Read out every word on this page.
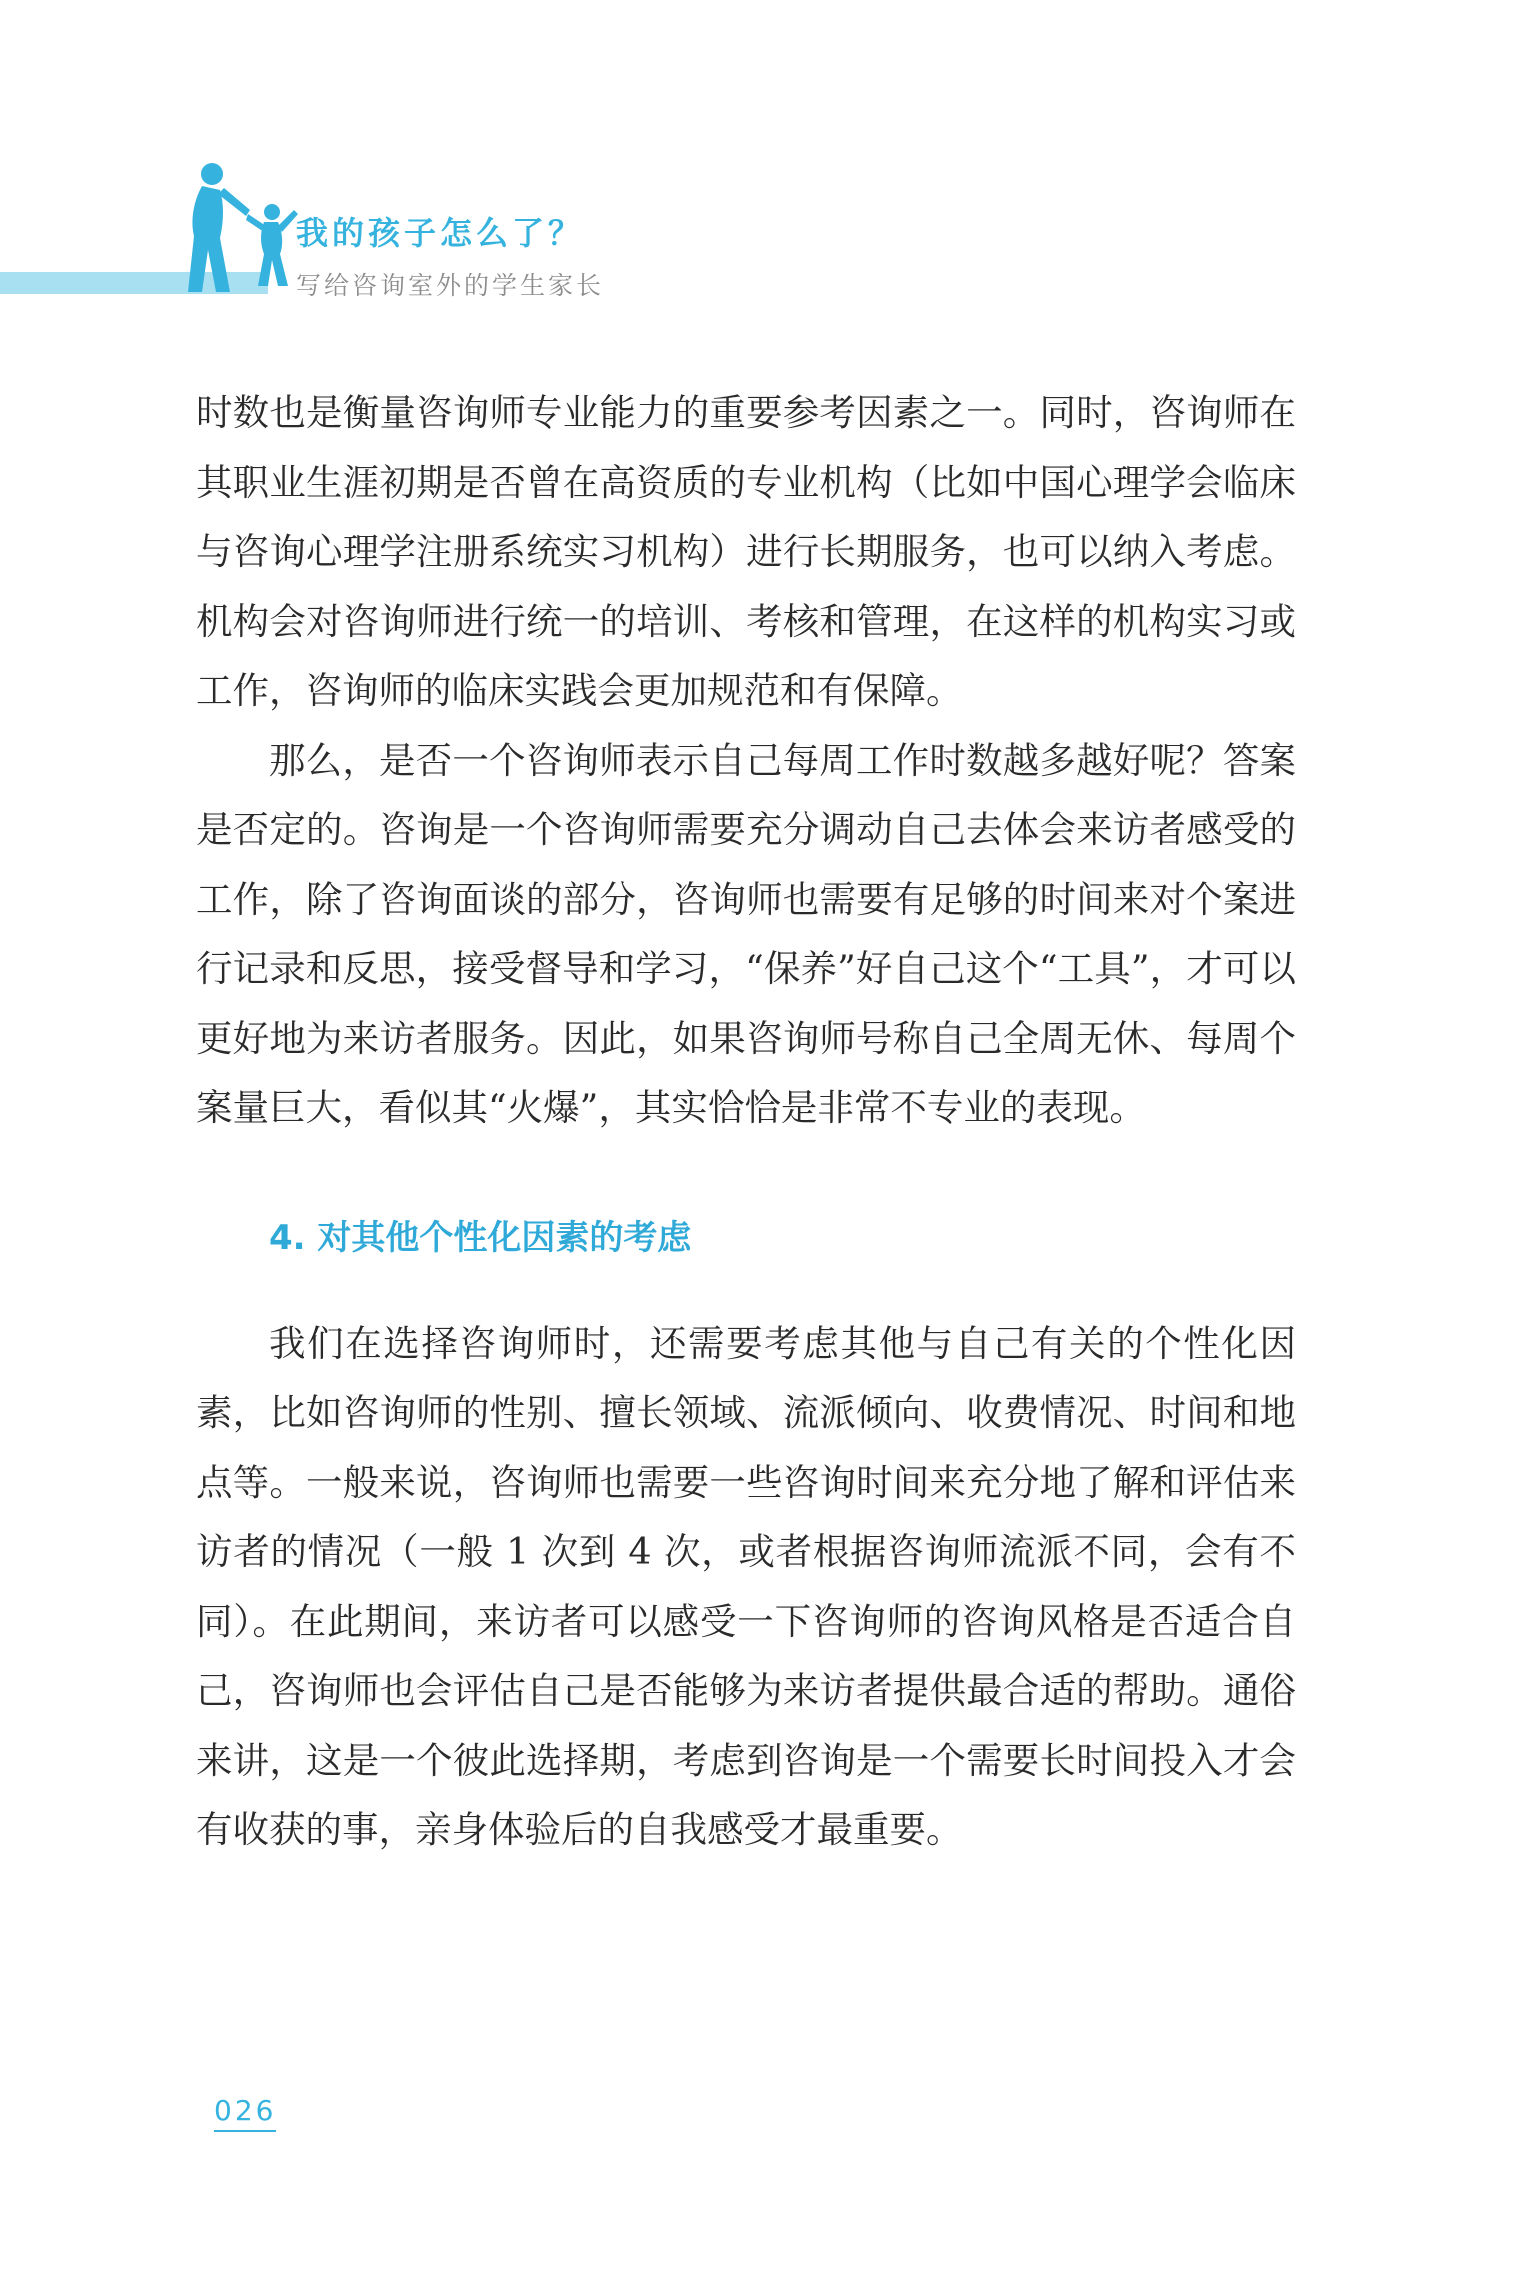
我的孩子怎么了？
写给咨询室外的学生家长

时数也是衡量咨询师专业能力的重要参考因素之一。同时，咨询师在其职业生涯初期是否曾在高资质的专业机构（比如中国心理学会临床与咨询心理学注册系统实习机构）进行长期服务，也可以纳入考虑。机构会对咨询师进行统一的培训、考核和管理，在这样的机构实习或工作，咨询师的临床实践会更加规范和有保障。

那么，是否一个咨询师表示自己每周工作时数越多越好呢？答案是否定的。咨询是一个咨询师需要充分调动自己去体会来访者感受的工作，除了咨询面谈的部分，咨询师也需要有足够的时间来对个案进行记录和反思，接受督导和学习，“保养”好自己这个“工具”，才可以更好地为来访者服务。因此，如果咨询师号称自己全周无休、每周个案量巨大，看似其“火爆”，其实恰恰是非常不专业的表现。

4. 对其他个性化因素的考虑

我们在选择咨询师时，还需要考虑其他与自己有关的个性化因素，比如咨询师的性别、擅长领域、流派倾向、收费情况、时间和地点等。一般来说，咨询师也需要一些咨询时间来充分地了解和评估来访者的情况（一般 1 次到 4 次，或者根据咨询师流派不同，会有不同）。在此期间，来访者可以感受一下咨询师的咨询风格是否适合自己，咨询师也会评估自己是否能够为来访者提供最合适的帮助。通俗来讲，这是一个彼此选择期，考虑到咨询是一个需要长时间投入才会有收获的事，亲身体验后的自我感受才最重要。

026
